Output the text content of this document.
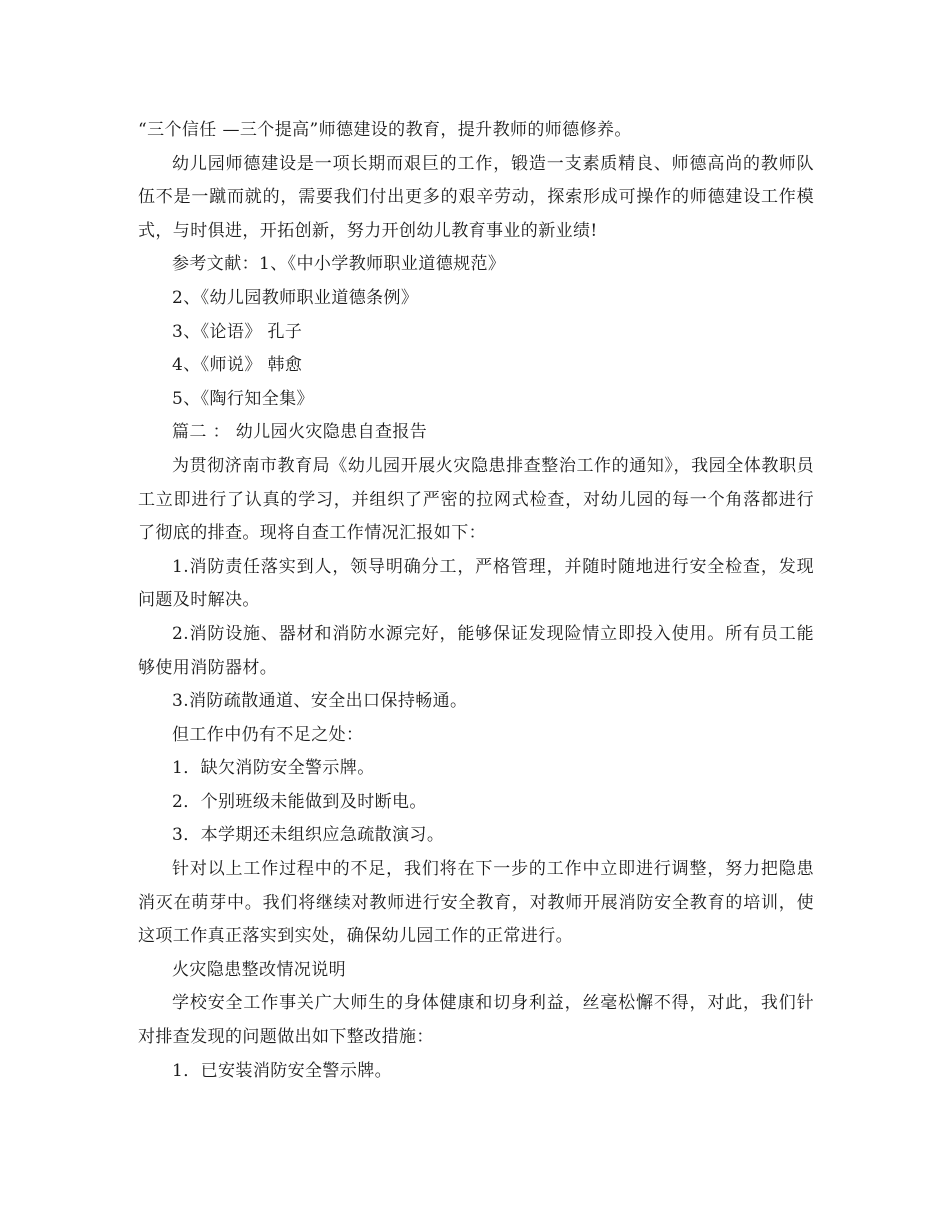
“三个信任 —三个提高”师德建设的教育，提升教师的师德修养。

幼儿园师德建设是一项长期而艰巨的工作，锻造一支素质精良、师德高尚的教师队伍不是一蹴而就的，需要我们付出更多的艰辛劳动，探索形成可操作的师德建设工作模式，与时俱进，开拓创新，努力开创幼儿教育事业的新业绩!

参考文献：1、《中小学教师职业道德规范》

2、《幼儿园教师职业道德条例》

3、《论语》 孔子

4、《师说》 韩愈

5、《陶行知全集》

篇二 ： 幼儿园火灾隐患自查报告

为贯彻济南市教育局《幼儿园开展火灾隐患排查整治工作的通知》，我园全体教职员工立即进行了认真的学习，并组织了严密的拉网式检查，对幼儿园的每一个角落都进行了彻底的排查。现将自查工作情况汇报如下：

1.消防责任落实到人，领导明确分工，严格管理，并随时随地进行安全检查，发现问题及时解决。

2.消防设施、器材和消防水源完好，能够保证发现险情立即投入使用。所有员工能够使用消防器材。

3.消防疏散通道、安全出口保持畅通。

但工作中仍有不足之处：

1．缺欠消防安全警示牌。

2．个别班级未能做到及时断电。

3．本学期还未组织应急疏散演习。

针对以上工作过程中的不足，我们将在下一步的工作中立即进行调整，努力把隐患消灭在萌芽中。我们将继续对教师进行安全教育，对教师开展消防安全教育的培训，使这项工作真正落实到实处，确保幼儿园工作的正常进行。

火灾隐患整改情况说明

学校安全工作事关广大师生的身体健康和切身利益，丝毫松懈不得，对此，我们针对排查发现的问题做出如下整改措施：

1．已安装消防安全警示牌。
